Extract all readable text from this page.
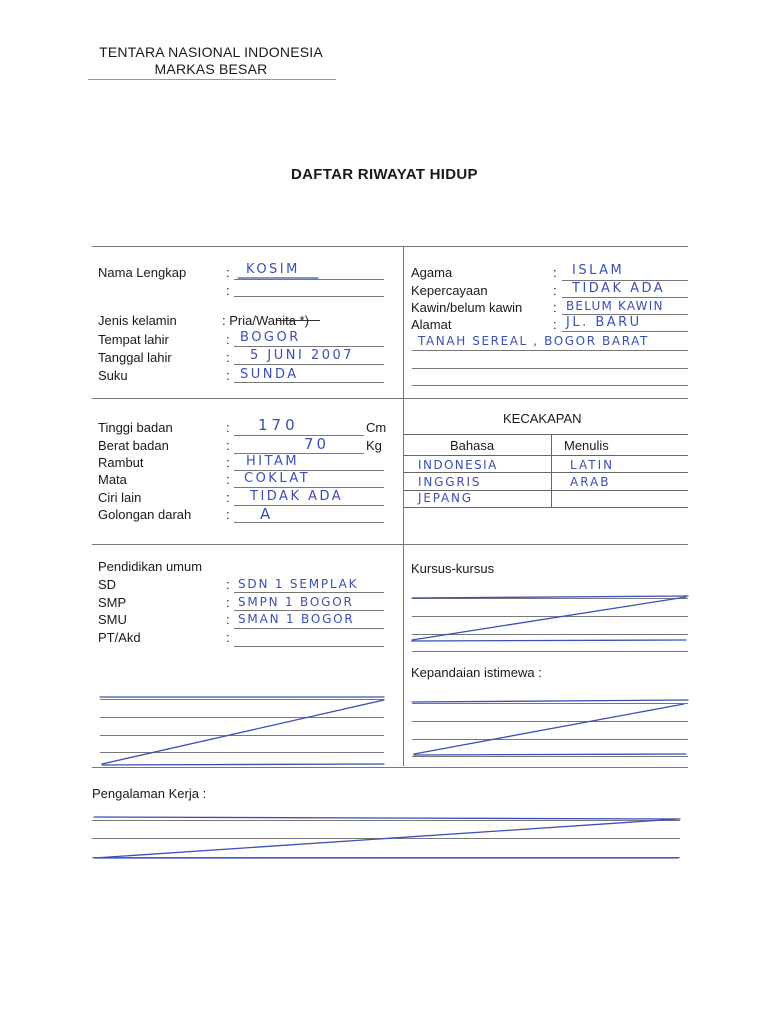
TENTARA NASIONAL INDONESIA
MARKAS BESAR
DAFTAR RIWAYAT HIDUP
Nama Lengkap	: KOSIM
:
Jenis kelamin	: Pria/Wanita *)
Tempat lahir	: BOGOR
Tanggal lahir	: 5 JUNI 2007
Suku	: SUNDA
Agama	: ISLAM
Kepercayaan	: TIDAK ADA
Kawin/belum kawin : BELUM KAWIN
Alamat	: JL. BARU
TANAH SEREAL , BOGOR BARAT
Tinggi badan	: 170	Cm
Berat badan	:	70	Kg
Rambut	: HITAM
Mata	: COKLAT
Ciri lain	: TIDAK ADA
Golongan darah	: A
KECAKAPAN
Bahasa	Menulis
INDONESIA	LATIN
INGGRIS	ARAB
JEPANG
Pendidikan umum
SD	: SDN 1 SEMPLAK
SMP	: SMPN 1 BOGOR
SMU	: SMAN 1 BOGOR
PT/Akd	:
Kursus-kursus
Kepandaian istimewa :
Pengalaman Kerja :
